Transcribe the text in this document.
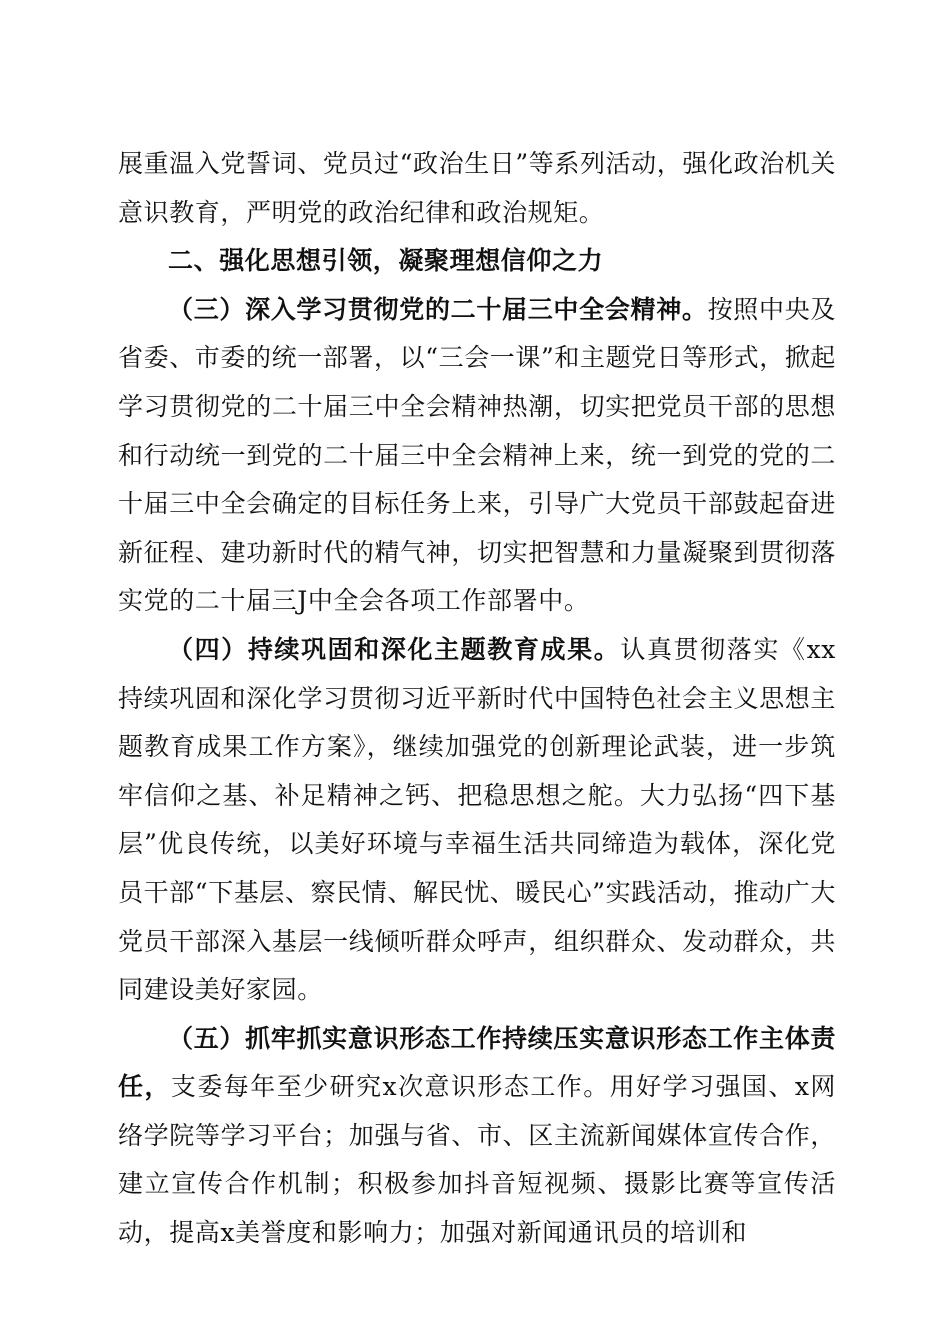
展重温入党誓词、党员过“政治生日”等系列活动，强化政治机关意识教育，严明党的政治纪律和政治规矩。

二、强化思想引领，凝聚理想信仰之力

（三）深入学习贯彻党的二十届三中全会精神。按照中央及省委、市委的统一部署，以“三会一课”和主题党日等形式，掀起学习贯彻党的二十届三中全会精神热潮，切实把党员干部的思想和行动统一到党的二十届三中全会精神上来，统一到党的党的二十届三中全会确定的目标任务上来，引导广大党员干部鼓起奋进新征程、建功新时代的精气神，切实把智慧和力量凝聚到贯彻落实党的二十届三J中全会各项工作部署中。

（四）持续巩固和深化主题教育成果。认真贯彻落实《xx持续巩固和深化学习贯彻习近平新时代中国特色社会主义思想主题教育成果工作方案》，继续加强党的创新理论武装，进一步筑牢信仰之基、补足精神之钙、把稳思想之舵。大力弘扬“四下基层”优良传统，以美好环境与幸福生活共同缔造为载体，深化党员干部“下基层、察民情、解民忧、暖民心”实践活动，推动广大党员干部深入基层一线倾听群众呼声，组织群众、发动群众，共同建设美好家园。

（五）抓牢抓实意识形态工作持续压实意识形态工作主体责任，支委每年至少研究x次意识形态工作。用好学习强国、x网络学院等学习平台；加强与省、市、区主流新闻媒体宣传合作，建立宣传合作机制；积极参加抖音短视频、摄影比赛等宣传活动，提高x美誉度和影响力；加强对新闻通讯员的培训和
